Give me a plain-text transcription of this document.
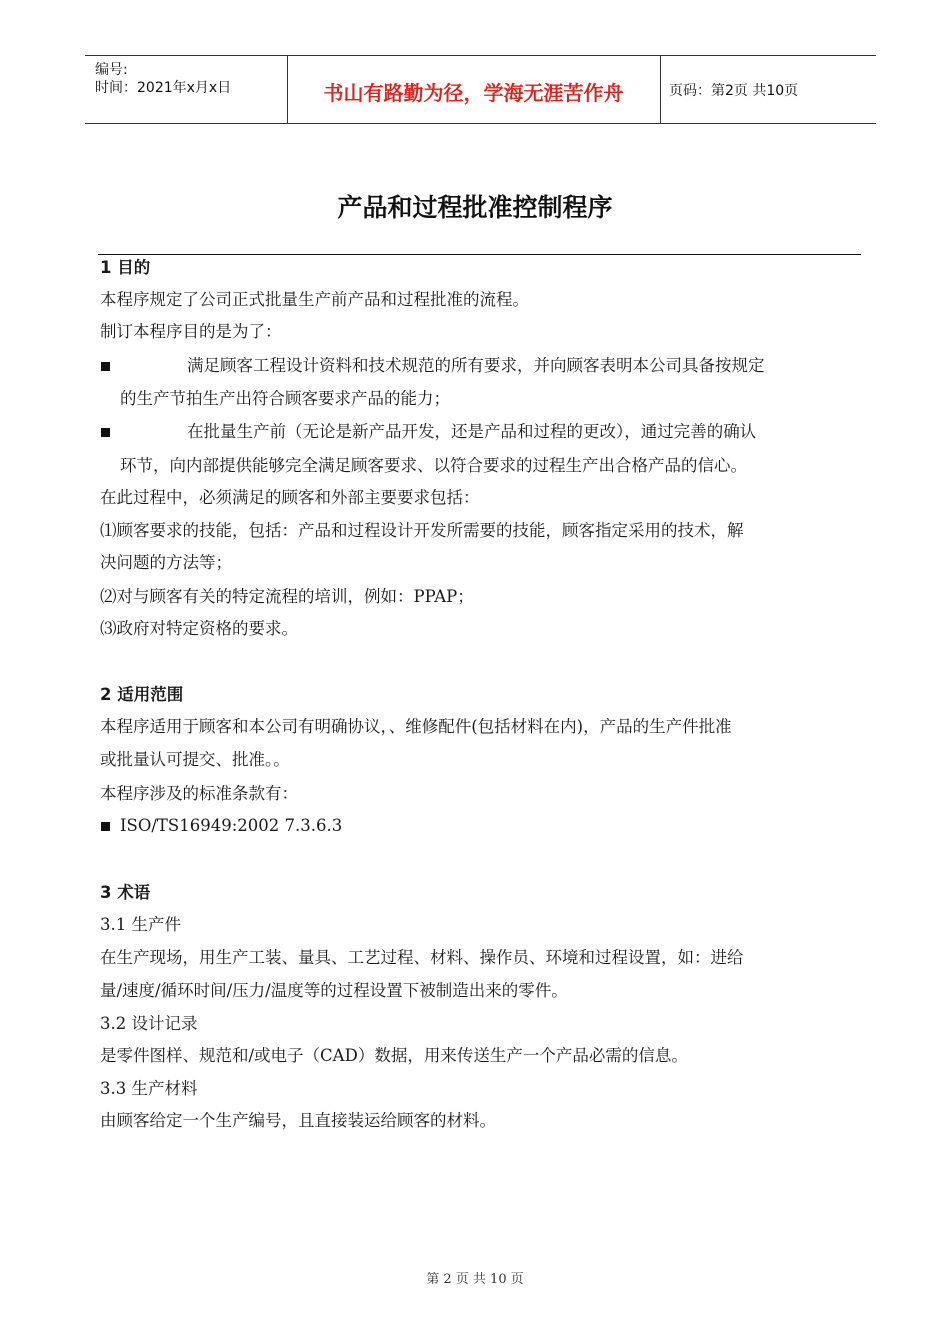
编号:
时间：2021年x月x日	书山有路勤为径，学海无涯苦作舟	页码：第2页 共10页
产品和过程批准控制程序
1 目的
本程序规定了公司正式批量生产前产品和过程批准的流程。
制订本程序目的是为了：
满足顾客工程设计资料和技术规范的所有要求，并向顾客表明本公司具备按规定
的生产节拍生产出符合顾客要求产品的能力；
在批量生产前（无论是新产品开发，还是产品和过程的更改），通过完善的确认
环节，向内部提供能够完全满足顾客要求、以符合要求的过程生产出合格产品的信心。
在此过程中，必须满足的顾客和外部主要要求包括：
⑴顾客要求的技能，包括：产品和过程设计开发所需要的技能，顾客指定采用的技术，解
决问题的方法等；
⑵对与顾客有关的特定流程的培训，例如：PPAP；
⑶政府对特定资格的要求。
2 适用范围
本程序适用于顾客和本公司有明确协议，、维修配件(包括材料在内)，产品的生产件批准
或批量认可提交、批准。。
本程序涉及的标准条款有：
ISO/TS16949:2002 7.3.6.3
3 术语
3.1 生产件
在生产现场，用生产工装、量具、工艺过程、材料、操作员、环境和过程设置，如：进给
量/速度/循环时间/压力/温度等的过程设置下被制造出来的零件。
3.2 设计记录
是零件图样、规范和/或电子（CAD）数据，用来传送生产一个产品必需的信息。
3.3 生产材料
由顾客给定一个生产编号，且直接装运给顾客的材料。
第 2 页 共 10 页
